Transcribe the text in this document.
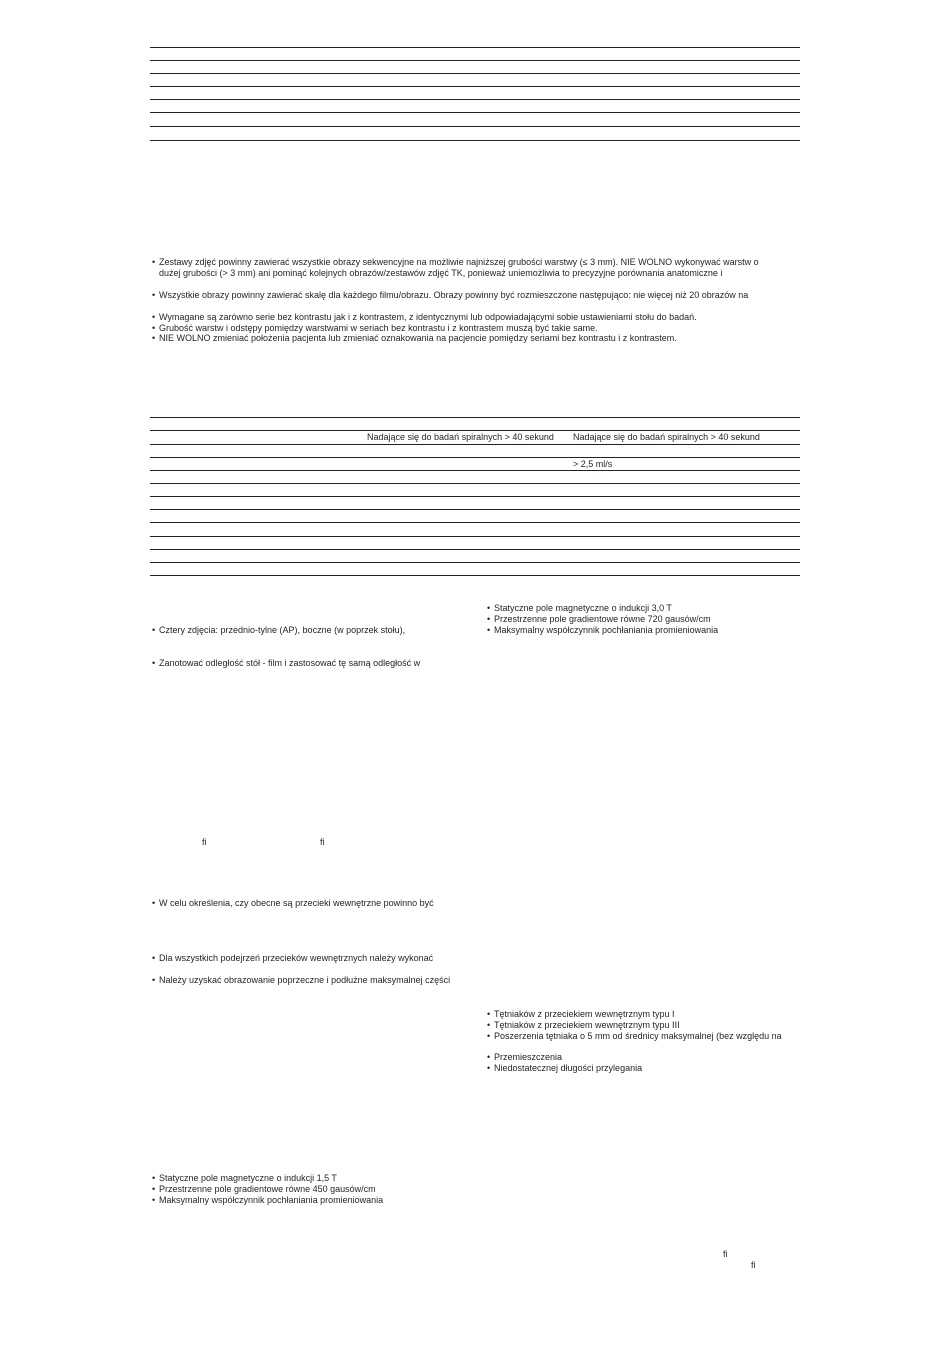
• Zestawy zdjęć powinny zawierać wszystkie obrazy sekwencyjne na możliwie najniższej grubości warstwy (≤ 3 mm). NIE WOLNO wykonywać warstw o
dużej grubości (> 3 mm) ani pominąć kolejnych obrazów/zestawów zdjęć TK, ponieważ uniemożliwia to precyzyjne porównania anatomiczne i
• Wszystkie obrazy powinny zawierać skalę dla każdego filmu/obrazu. Obrazy powinny być rozmieszczone następująco: nie więcej niż 20 obrazów na
• Wymagane są zarówno serie bez kontrastu jak i z kontrastem, z identycznymi lub odpowiadającymi sobie ustawieniami stołu do badań.
• Grubość warstw i odstępy pomiędzy warstwami w seriach bez kontrastu i z kontrastem muszą być takie same.
• NIE WOLNO zmieniać położenia pacjenta lub zmieniać oznakowania na pacjencie pomiędzy seriami bez kontrastu i z kontrastem.
Nadające się do badań spiralnych > 40 sekund Nadające się do badań spiralnych > 40 sekund
> 2,5 ml/s
• Statyczne pole magnetyczne o indukcji 3,0 T
• Przestrzenne pole gradientowe równe 720 gausów/cm
• Maksymalny współczynnik pochłaniania promieniowania
• Cztery zdjęcia: przednio-tylne (AP), boczne (w poprzek stołu),
• Zanotować odległość stół - film i zastosować tę samą odległość w
ﬁ	ﬁ
• W celu określenia, czy obecne są przecieki wewnętrzne powinno być
• Dla wszystkich podejrzeń przecieków wewnętrznych należy wykonać
• Należy uzyskać obrazowanie poprzeczne i podłużne maksymalnej części
• Tętniaków z przeciekiem wewnętrznym typu I
• Tętniaków z przeciekiem wewnętrznym typu III
• Poszerzenia tętniaka o 5 mm od średnicy maksymalnej (bez względu na
• Przemieszczenia
• Niedostatecznej długości przylegania
• Statyczne pole magnetyczne o indukcji 1,5 T
• Przestrzenne pole gradientowe równe 450 gausów/cm
• Maksymalny współczynnik pochłaniania promieniowania
ﬁ
ﬁ
